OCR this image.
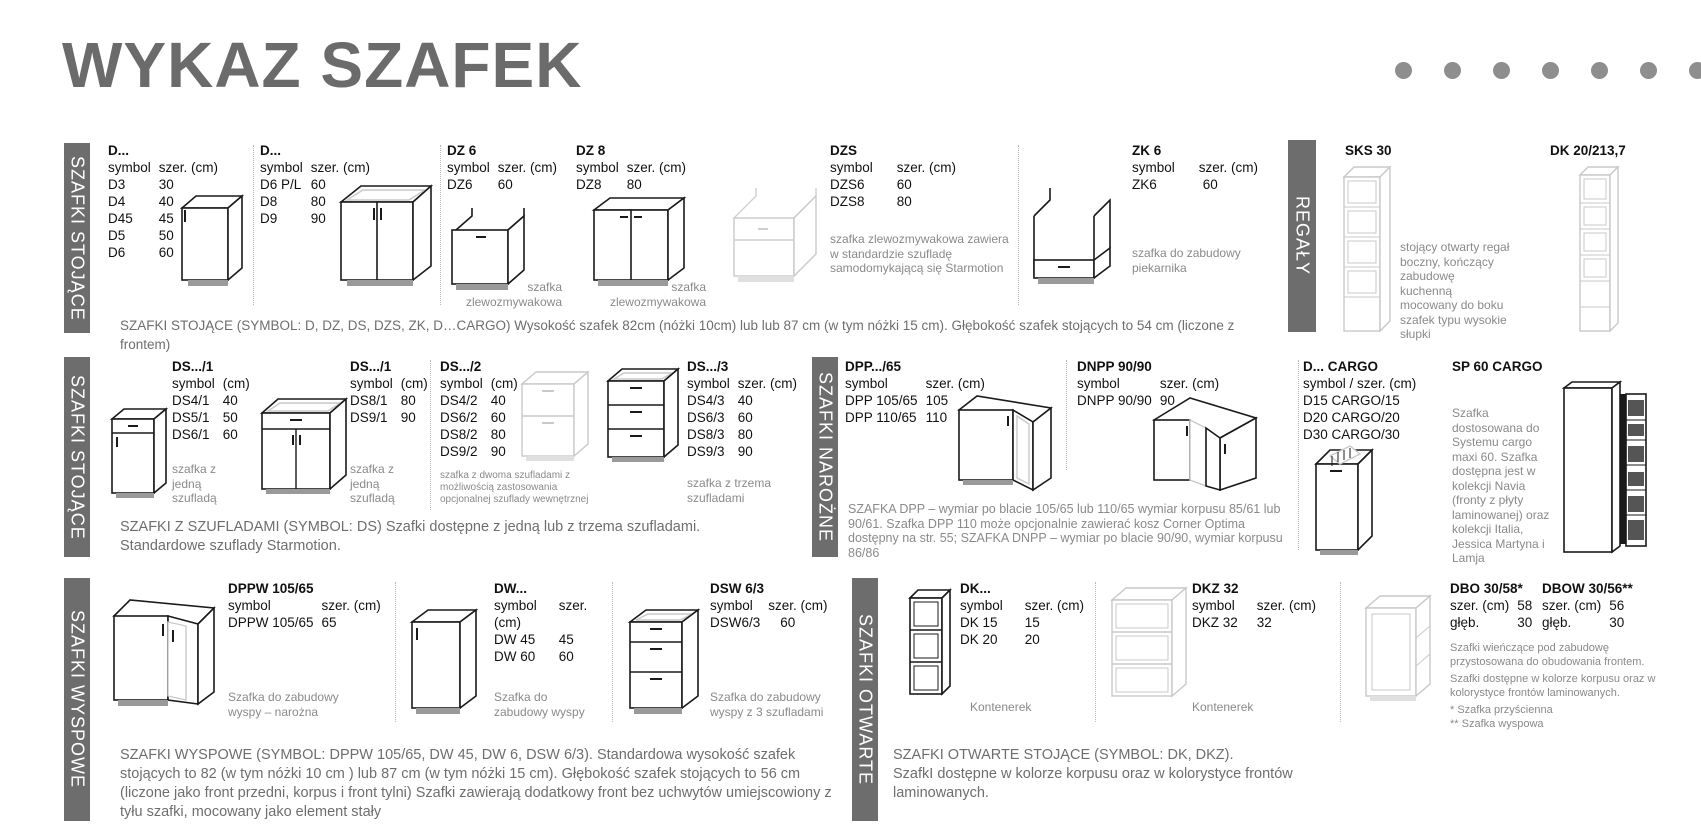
WYKAZ SZAFEK
SZAFKI STOJĄCE	REGAŁY
SZAFKI STOJĄCE	SZAFKI NAROŻNE
SZAFKI WYSPOWE	SZAFKI OTWARTE
D...
symbol	szer. (cm)
D3	30
D4	40
D45	45
D5	50
D6	60
D...
symbol	szer. (cm)
D6 P/L	60
D8	80
D9	90
DZ 6
symbol	szer. (cm)
DZ6	60
szafka zlewozmywakowa
DZ 8
symbol	szer. (cm)
DZ8	80
szafka zlewozmywakowa
DZS
symbol	szer. (cm)
DZS6	60
DZS8	80
szafka zlewozmywakowa zawiera w standardzie szufladę samodomykającą się Starmotion
ZK 6
symbol	szer. (cm)
ZK6	60
szafka do zabudowy piekarnika
SZAFKI STOJĄCE (SYMBOL: D, DZ, DS, DZS, ZK, D…CARGO) Wysokość szafek 82cm (nóżki 10cm) lub lub 87 cm (w tym nóżki 15 cm). Głębokość szafek stojących to 54 cm (liczone z frontem)
SKS 30
stojący otwarty regał boczny, kończący zabudowę kuchenną mocowany do boku szafek typu wysokie słupki
DK 20/213,7
DS.../1
symbol	(cm)
DS4/1	40
DS5/1	50
DS6/1	60
szafka z jedną szufladą
DS.../1
symbol	(cm)
DS8/1	80
DS9/1	90
szafka z jedną szufladą
DS.../2
symbol	(cm)
DS4/2	40
DS6/2	60
DS8/2	80
DS9/2	90
szafka z dwoma szufladami z możliwością zastosowania opcjonalnej szuflady wewnętrznej
DS.../3
symbol	szer. (cm)
DS4/3	40
DS6/3	60
DS8/3	80
DS9/3	90
szafka z trzema szufladami
SZAFKI Z SZUFLADAMI (SYMBOL: DS) Szafki dostępne z jedną lub z trzema szufladami. Standardowe szuflady Starmotion.
DPP.../65
symbol	szer. (cm)
DPP 105/65	105
DPP 110/65	110
DNPP 90/90
symbol	szer. (cm)
DNPP 90/90	90
D... CARGO
symbol / szer. (cm)
D15 CARGO/15
D20 CARGO/20
D30 CARGO/30
SP 60 CARGO
Szafka dostosowana do Systemu cargo maxi 60. Szafka dostępna jest w kolekcji Navia (fronty z płyty laminowanej) oraz kolekcji Italia, Jessica Martyna i Lamja
SZAFKA DPP – wymiar po blacie 105/65 lub 110/65 wymiar korpusu 85/61 lub 90/61. Szafka DPP 110 może opcjonalnie zawierać kosz Corner Optima dostępny na str. 55; SZAFKA DNPP – wymiar po blacie 90/90, wymiar korpusu 86/86
DPPW 105/65
symbol	szer. (cm)
DPPW 105/65	65
Szafka do zabudowy wyspy – narożna
DW...
symbol	szer.
(cm)	
DW 45	45
DW 60	60
Szafka do zabudowy wyspy
DSW 6/3
symbol	szer. (cm)
DSW6/3	60
Szafka do zabudowy wyspy z 3 szufladami
SZAFKI WYSPOWE (SYMBOL: DPPW 105/65, DW 45, DW 6, DSW 6/3). Standardowa wysokość szafek stojących to 82 (w tym nóżki 10 cm ) lub 87 cm (w tym nóżki 15 cm). Głębokość szafek stojących to 56 cm (liczone jako front przedni, korpus i front tylni) Szafki zawierają dodatkowy front bez uchwytów umiejscowiony z tyłu szafki, mocowany jako element stały
DK...
symbol	szer. (cm)
DK 15	15
DK 20	20
Kontenerek
DKZ 32
symbol	szer. (cm)
DKZ 32	32
Kontenerek
DBO 30/58*
szer. (cm)	58
głęb.	30
DBOW 30/56**
szer. (cm)	56
głęb.	30
Szafki wieńczące pod zabudowę przystosowana do obudowania frontem.
Szafki dostępne w kolorze korpusu oraz w kolorystyce frontów laminowanych.
* Szafka przyścienna
** Szafka wyspowa
SZAFKI OTWARTE STOJĄCE (SYMBOL: DK, DKZ).
SzafkI dostępne w kolorze korpusu oraz w kolorystyce frontów laminowanych.
